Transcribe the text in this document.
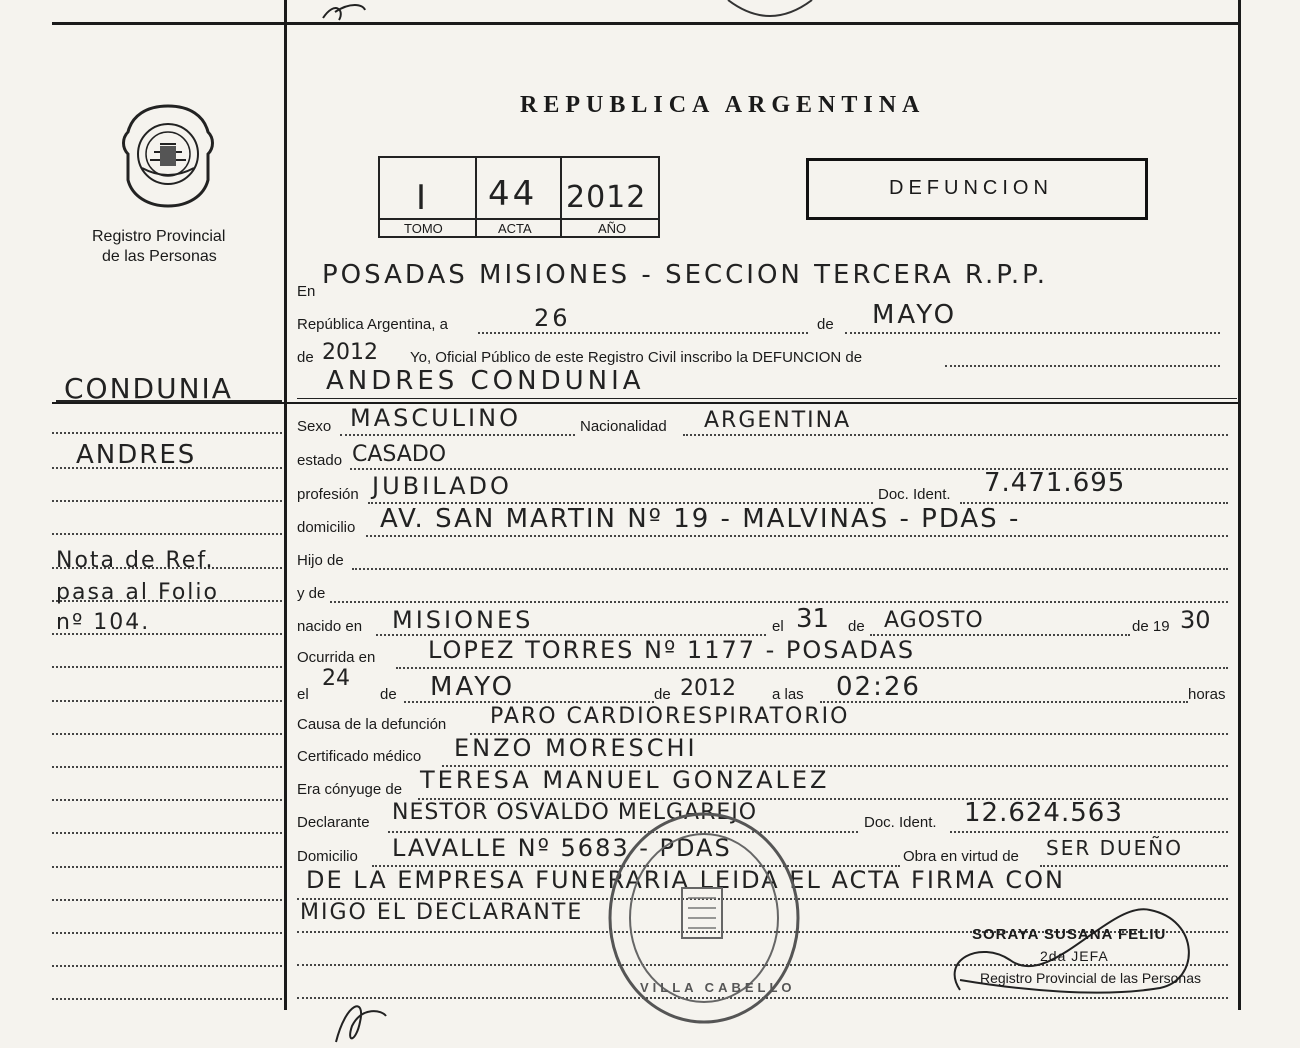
Registro Provincial
de las Personas
REPUBLICA ARGENTINA
I 44 2012
TOMO	ACTA	AÑO
DEFUNCION
CONDUNIA
ANDRES
Nota de Ref.
pasa al Folio
nº 104.
En
POSADAS MISIONES - SECCION TERCERA R.P.P.
República Argentina, a	26	de MAYO
de 2012 Yo, Oficial Público de este Registro Civil inscribo la DEFUNCION de
ANDRES CONDUNIA
Sexo MASCULINO	Nacionalidad ARGENTINA
estado CASADO
profesión JUBILADO	Doc. Ident. 7.471.695
domicilio AV. SAN MARTIN Nº 19 - MALVINAS - PDAS -
Hijo de
y de
nacido en MISIONES	el 31 de AGOSTO	de 19 30
Ocurrida en LOPEZ TORRES Nº 1177 - POSADAS
el
24
de MAYO	de 2012 a las 02:26	horas
Causa de la defunción PARO CARDIORESPIRATORIO
Certificado médico ENZO MORESCHI
Era cónyuge de TERESA MANUEL GONZALEZ
Declarante NESTOR OSVALDO MELGAREJO	Doc. Ident. 12.624.563
Domicilio LAVALLE Nº 5683 - PDAS	Obra en virtud de SER DUEÑO
DE LA EMPRESA FUNERARIA LEIDA EL ACTA FIRMA CON
MIGO EL DECLARANTE
VILLA CABELLO
SORAYA SUSANA FELIU
2da JEFA
Registro Provincial de las Personas
